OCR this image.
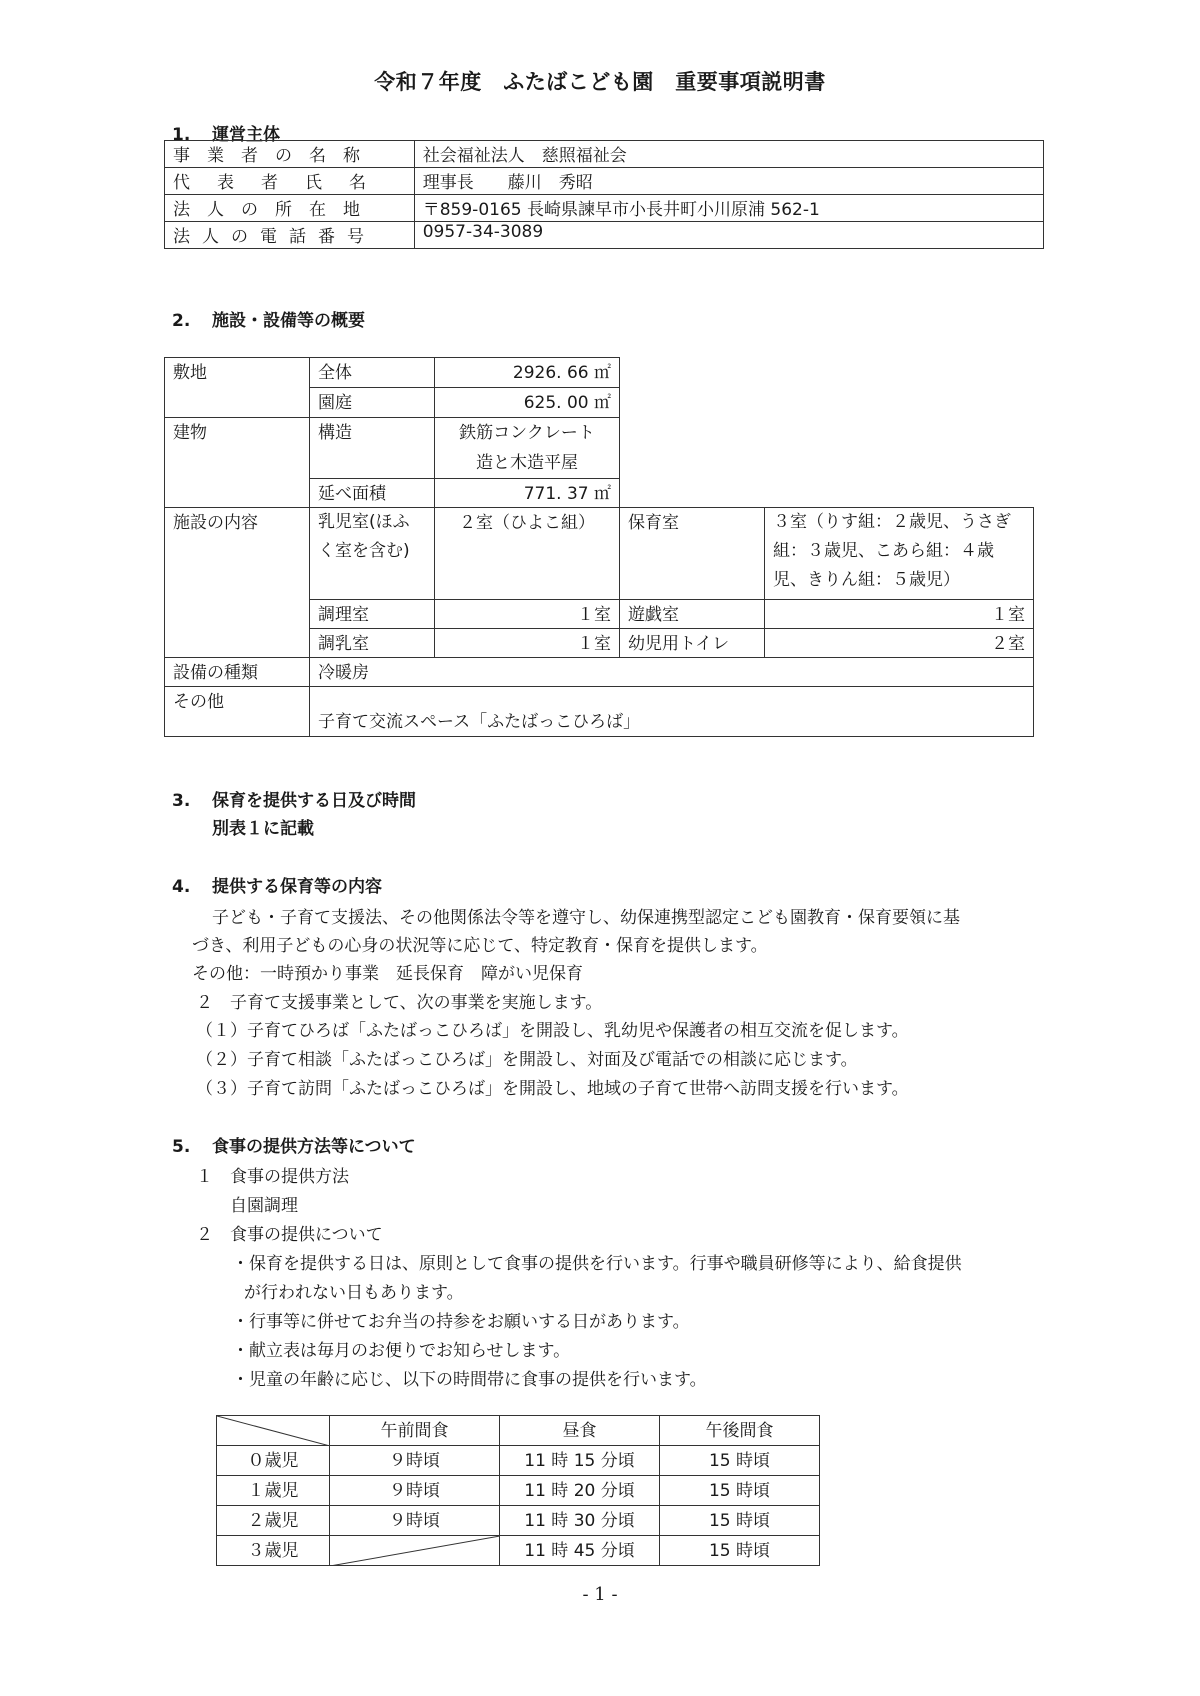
令和７年度　ふたばこども園　重要事項説明書
1. 運営主体
事業者の名称	社会福祉法人　慈照福祉会
代表者氏名	理事長　　藤川　秀昭
法人の所在地	〒859-0165 長崎県諫早市小長井町小川原浦 562-1
法人の電話番号	0957-34-3089
2. 施設・設備等の概要
敷地	全体	2926. 66 ㎡		
	園庭	625. 00 ㎡		
建物	構造	鉄筋コンクレート
造と木造平屋		

	延べ面積	771. 37 ㎡		
施設の内容	乳児室(ほふく室を含む)	２室（ひよこ組）	保育室	３室（りす組：２歳児、うさぎ組：３歳児、こあら組：４歳児、きりん組：５歳児）
	調理室	１室	遊戯室	１室
	調乳室	１室	幼児用トイレ	２室
設備の種類	冷暖房			
その他	子育て交流スペース「ふたばっこひろば」			
3. 保育を提供する日及び時間
別表１に記載
4. 提供する保育等の内容
子ども・子育て支援法、その他関係法令等を遵守し、幼保連携型認定こども園教育・保育要領に基
づき、利用子どもの心身の状況等に応じて、特定教育・保育を提供します。
その他：一時預かり事業　延長保育　障がい児保育
２　子育て支援事業として、次の事業を実施します。
（１）子育てひろば「ふたばっこひろば」を開設し、乳幼児や保護者の相互交流を促します。
（２）子育て相談「ふたばっこひろば」を開設し、対面及び電話での相談に応じます。
（３）子育て訪問「ふたばっこひろば」を開設し、地域の子育て世帯へ訪問支援を行います。
5. 食事の提供方法等について
１　食事の提供方法
自園調理
２　食事の提供について
・保育を提供する日は、原則として食事の提供を行います。行事や職員研修等により、給食提供
が行われない日もあります。
・行事等に併せてお弁当の持参をお願いする日があります。
・献立表は毎月のお便りでお知らせします。
・児童の年齢に応じ、以下の時間帯に食事の提供を行います。
	午前間食	昼食	午後間食
０歳児	９時頃	11 時 15 分頃	15 時頃
１歳児	９時頃	11 時 20 分頃	15 時頃
２歳児	９時頃	11 時 30 分頃	15 時頃
３歳児		11 時 45 分頃	15 時頃
- 1 -
